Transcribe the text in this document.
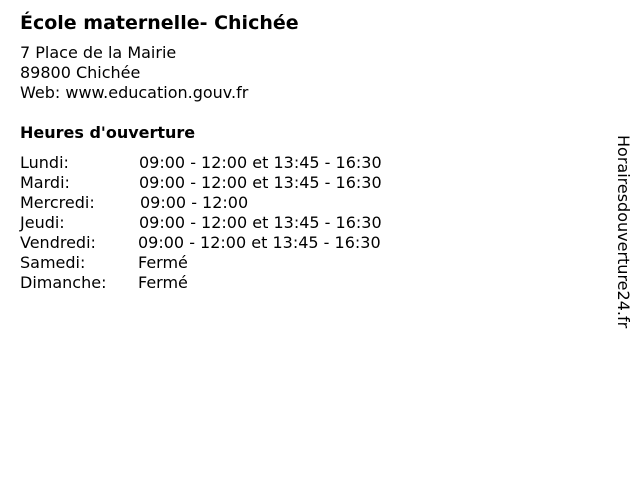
École maternelle- Chichée
7 Place de la Mairie
89800 Chichée
Web: www.education.gouv.fr
Heures d'ouverture
Lundi:	09:00 - 12:00 et 13:45 - 16:30
Mardi:	09:00 - 12:00 et 13:45 - 16:30
Mercredi:	09:00 - 12:00
Jeudi:	09:00 - 12:00 et 13:45 - 16:30
Vendredi:	09:00 - 12:00 et 13:45 - 16:30
Samedi:	Fermé
Dimanche: Fermé	Horairesdouverture24.fr
